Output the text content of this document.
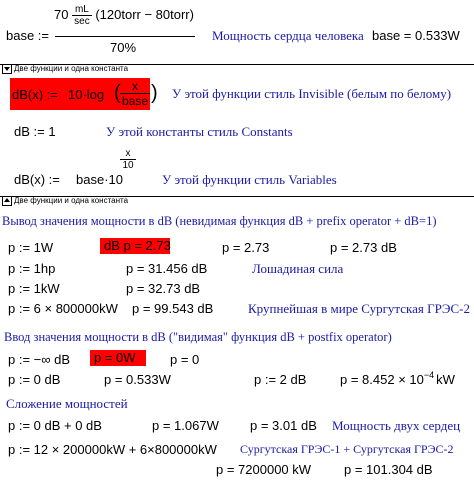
base :=
$70 \frac{mL}{\sec}$ (120torr − 80torr)
70%
Мощность сердца человека base = 0.533W
Две функции и одна константа
dB(x) := 10·log ( x
base ) У этой функции стиль Invisible (белым по белому)
dB := 1	У этой константы стиль Constants
dB(x) := base·10
x
10
У этой функции стиль Variables
Две функции и одна константа
Вывод значения мощности в dB (невидимая функция dB + prefix operator + dB=1)
p := 1W	dB p = 2.73	p = 2.73	p = 2.73 dB
p := 1hp	p = 31.456 dB	Лошадиная сила
p := 1kW	p = 32.73 dB
p := 6 × 800000kW p = 99.543 dB	Крупнейшая в мире Сургутская ГРЭС-2
Ввод значения мощности в dB ("видимая" функция dB + postfix operator)
p := −∞ dB	p = 0W	p = 0
p := 0 dB	p = 0.533W	p := 2 dB	$p = 8.452 \times 10^{-4}$ kW
Сложение мощностей
p := 0 dB + 0 dB	p = 1.067W p = 3.01 dB Мощность двух сердец
p := 12 × 200000kW + 6×800000kW Сургутская ГРЭС-1 + Сургутская ГРЭС-2
p = 7200000 kW	p = 101.304 dB
